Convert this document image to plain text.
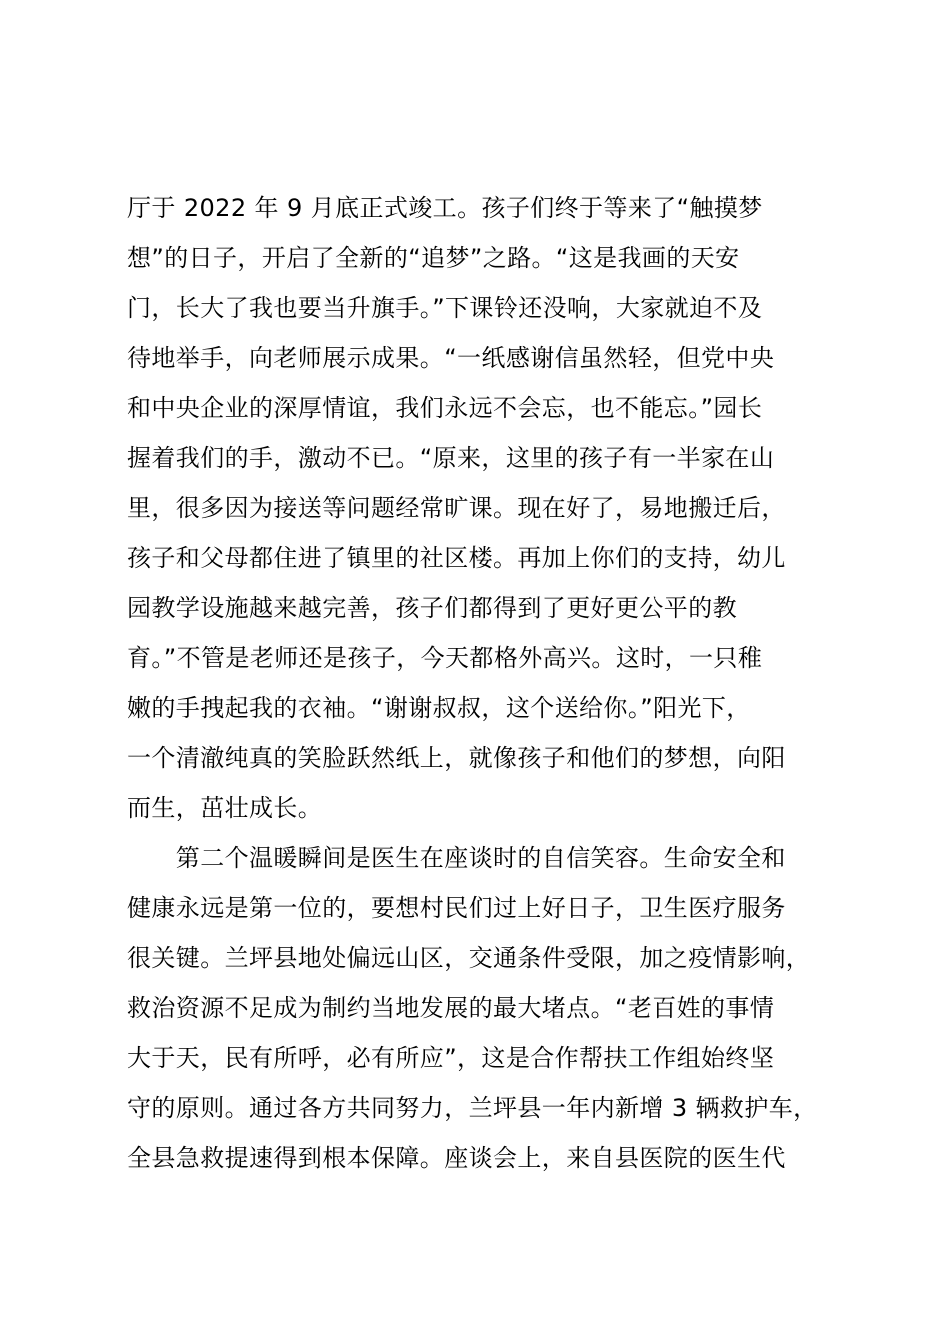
厅于 2022 年 9 月底正式竣工。孩子们终于等来了“触摸梦
想”的日子，开启了全新的“追梦”之路。“这是我画的天安
门，长大了我也要当升旗手。”下课铃还没响，大家就迫不及
待地举手，向老师展示成果。“一纸感谢信虽然轻，但党中央
和中央企业的深厚情谊，我们永远不会忘，也不能忘。”园长
握着我们的手，激动不已。“原来，这里的孩子有一半家在山
里，很多因为接送等问题经常旷课。现在好了，易地搬迁后，
孩子和父母都住进了镇里的社区楼。再加上你们的支持，幼儿
园教学设施越来越完善，孩子们都得到了更好更公平的教
育。”不管是老师还是孩子，今天都格外高兴。这时，一只稚
嫩的手拽起我的衣袖。“谢谢叔叔，这个送给你。”阳光下，
一个清澈纯真的笑脸跃然纸上，就像孩子和他们的梦想，向阳
而生，茁壮成长。
　　第二个温暖瞬间是医生在座谈时的自信笑容。生命安全和
健康永远是第一位的，要想村民们过上好日子，卫生医疗服务
很关键。兰坪县地处偏远山区，交通条件受限，加之疫情影响，
救治资源不足成为制约当地发展的最大堵点。“老百姓的事情
大于天，民有所呼，必有所应”，这是合作帮扶工作组始终坚
守的原则。通过各方共同努力，兰坪县一年内新增 3 辆救护车，
全县急救提速得到根本保障。座谈会上，来自县医院的医生代
